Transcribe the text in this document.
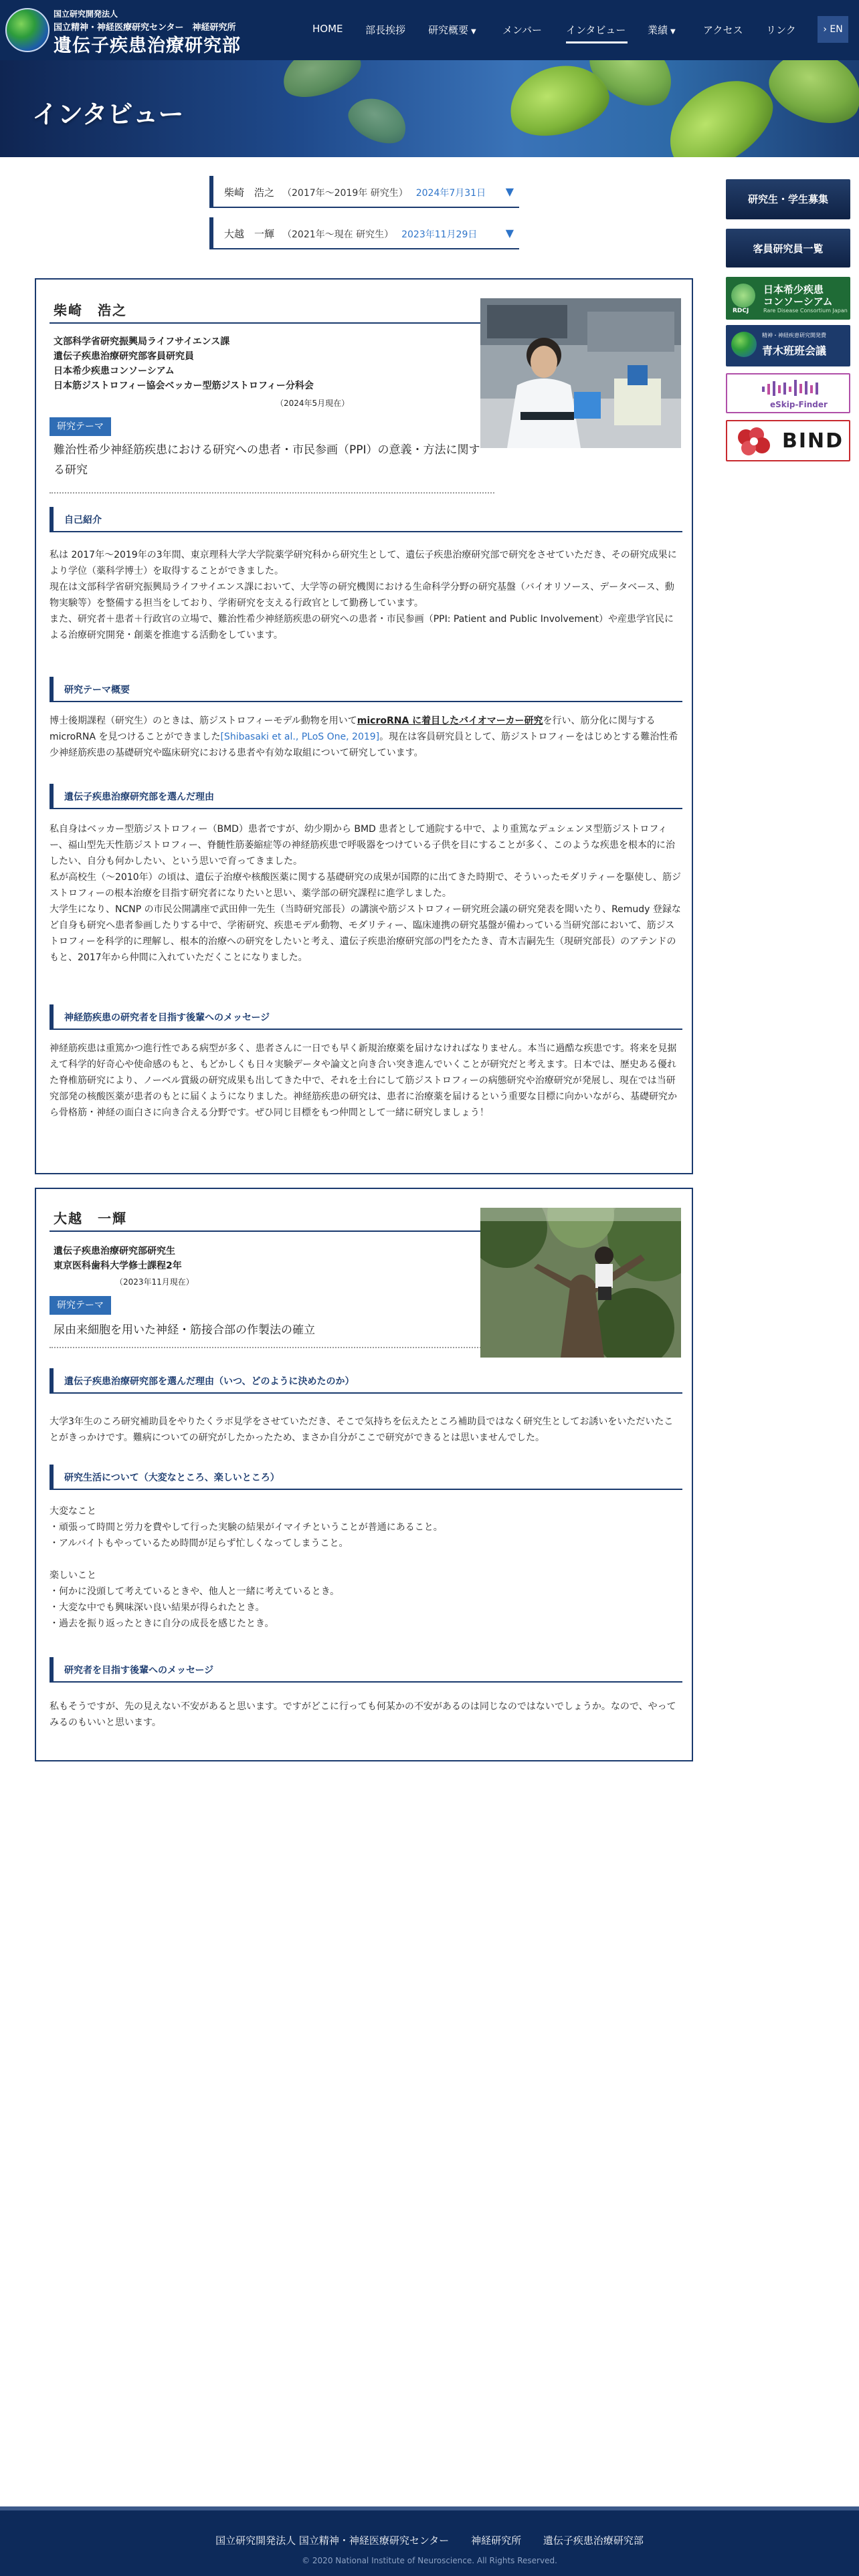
国立研究開発法人
国立精神・神経医療研究センター　神経研究所
遺伝子疾患治療研究部
HOME 部長挨拶 研究概要 ▼	メンバー インタビュー 業績 ▼	アクセス リンク	› EN
インタビュー
柴崎　浩之 （2017年〜2019年 研究生） 2024年7月31日 ▼
大越　一輝 （2021年〜現在 研究生） 2023年11月29日	▼
柴崎　浩之
文部科学省研究振興局ライフサイエンス課
遺伝子疾患治療研究部客員研究員
日本希少疾患コンソーシアム
日本筋ジストロフィー協会ベッカー型筋ジストロフィー分科会
（2024年5月現在）
研究テーマ
難治性希少神経筋疾患における研究への患者・市民参画（PPI）の意義・方法に関する研究
自己紹介

私は 2017年〜2019年の3年間、東京理科大学大学院薬学研究科から研究生として、遺伝子疾患治療研究部で研究をさせていただき、その研究成果により学位（薬科学博士）を取得することができました。

現在は文部科学省研究振興局ライフサイエンス課において、大学等の研究機関における生命科学分野の研究基盤（バイオリソース、データベース、動物実験等）を整備する担当をしており、学術研究を支える行政官として勤務しています。

また、研究者＋患者＋行政官の立場で、難治性希少神経筋疾患の研究への患者・市民参画（PPI: Patient and Public Involvement）や産患学官民による治療研究開発・創薬を推進する活動をしています。

研究テーマ概要

博士後期課程（研究生）のときは、筋ジストロフィーモデル動物を用いてmicroRNA に着目したバイオマーカー研究を行い、筋分化に関与する microRNA を見つけることができました[Shibasaki et al., PLoS One, 2019]。現在は客員研究員として、筋ジストロフィーをはじめとする難治性希少神経筋疾患の基礎研究や臨床研究における患者や有効な取組について研究しています。

遺伝子疾患治療研究部を選んだ理由

私自身はベッカー型筋ジストロフィー（BMD）患者ですが、幼少期から BMD 患者として通院する中で、より重篤なデュシェンヌ型筋ジストロフィー、福山型先天性筋ジストロフィー、脊髄性筋萎縮症等の神経筋疾患で呼吸器をつけている子供を目にすることが多く、このような疾患を根本的に治したい、自分も何かしたい、という思いで育ってきました。

私が高校生（〜2010年）の頃は、遺伝子治療や核酸医薬に関する基礎研究の成果が国際的に出てきた時期で、そういったモダリティーを駆使し、筋ジストロフィーの根本治療を目指す研究者になりたいと思い、薬学部の研究課程に進学しました。

大学生になり、NCNP の市民公開講座で武田伸一先生（当時研究部長）の講演や筋ジストロフィー研究班会議の研究発表を聞いたり、Remudy 登録など自身も研究へ患者参画したりする中で、学術研究、疾患モデル動物、モダリティー、臨床連携の研究基盤が備わっている当研究部において、筋ジストロフィーを科学的に理解し、根本的治療への研究をしたいと考え、遺伝子疾患治療研究部の門をたたき、青木吉嗣先生（現研究部長）のアテンドのもと、2017年から仲間に入れていただくことになりました。

神経筋疾患の研究者を目指す後輩へのメッセージ

神経筋疾患は重篤かつ進行性である病型が多く、患者さんに一日でも早く新規治療薬を届けなければなりません。本当に過酷な疾患です。将来を見据えて科学的好奇心や使命感のもと、もどかしくも日々実験データや論文と向き合い突き進んでいくことが研究だと考えます。日本では、歴史ある優れた脊椎筋研究により、ノーベル賞級の研究成果も出してきた中で、それを土台にして筋ジストロフィーの病態研究や治療研究が発展し、現在では当研究部発の核酸医薬が患者のもとに届くようになりました。神経筋疾患の研究は、患者に治療薬を届けるという重要な目標に向かいながら、基礎研究から骨格筋・神経の面白さに向き合える分野です。ぜひ同じ目標をもつ仲間として一緒に研究しましょう！

大越　一輝
遺伝子疾患治療研究部研究生
東京医科歯科大学修士課程2年
（2023年11月現在）
研究テーマ
尿由来細胞を用いた神経・筋接合部の作製法の確立
遺伝子疾患治療研究部を選んだ理由（いつ、どのように決めたのか）

大学3年生のころ研究補助員をやりたくラボ見学をさせていただき、そこで気持ちを伝えたところ補助員ではなく研究生としてお誘いをいただいたことがきっかけです。難病についての研究がしたかったため、まさか自分がここで研究ができるとは思いませんでした。

研究生活について（大変なところ、楽しいところ）

大変なこと

・頑張って時間と労力を費やして行った実験の結果がイマイチということが普通にあること。

・アルバイトもやっているため時間が足らず忙しくなってしまうこと。

楽しいこと

・何かに没頭して考えているときや、他人と一緒に考えているとき。

・大変な中でも興味深い良い結果が得られたとき。

・過去を振り返ったときに自分の成長を感じたとき。

研究者を目指す後輩へのメッセージ

私もそうですが、先の見えない不安があると思います。ですがどこに行っても何某かの不安があるのは同じなのではないでしょうか。なので、やってみるのもいいと思います。

研究生・学生募集
客員研究員一覧
RDCJ
日本希少疾患
コンソーシアム
Rare Disease Consortium Japan
精神・神経疾患研究開発費
青木班班会議
eSkip-Finder
BIND
国立研究開発法人 国立精神・神経医療研究センター 神経研究所 遺伝子疾患治療研究部
© 2020 National Institute of Neuroscience. All Rights Reserved.
